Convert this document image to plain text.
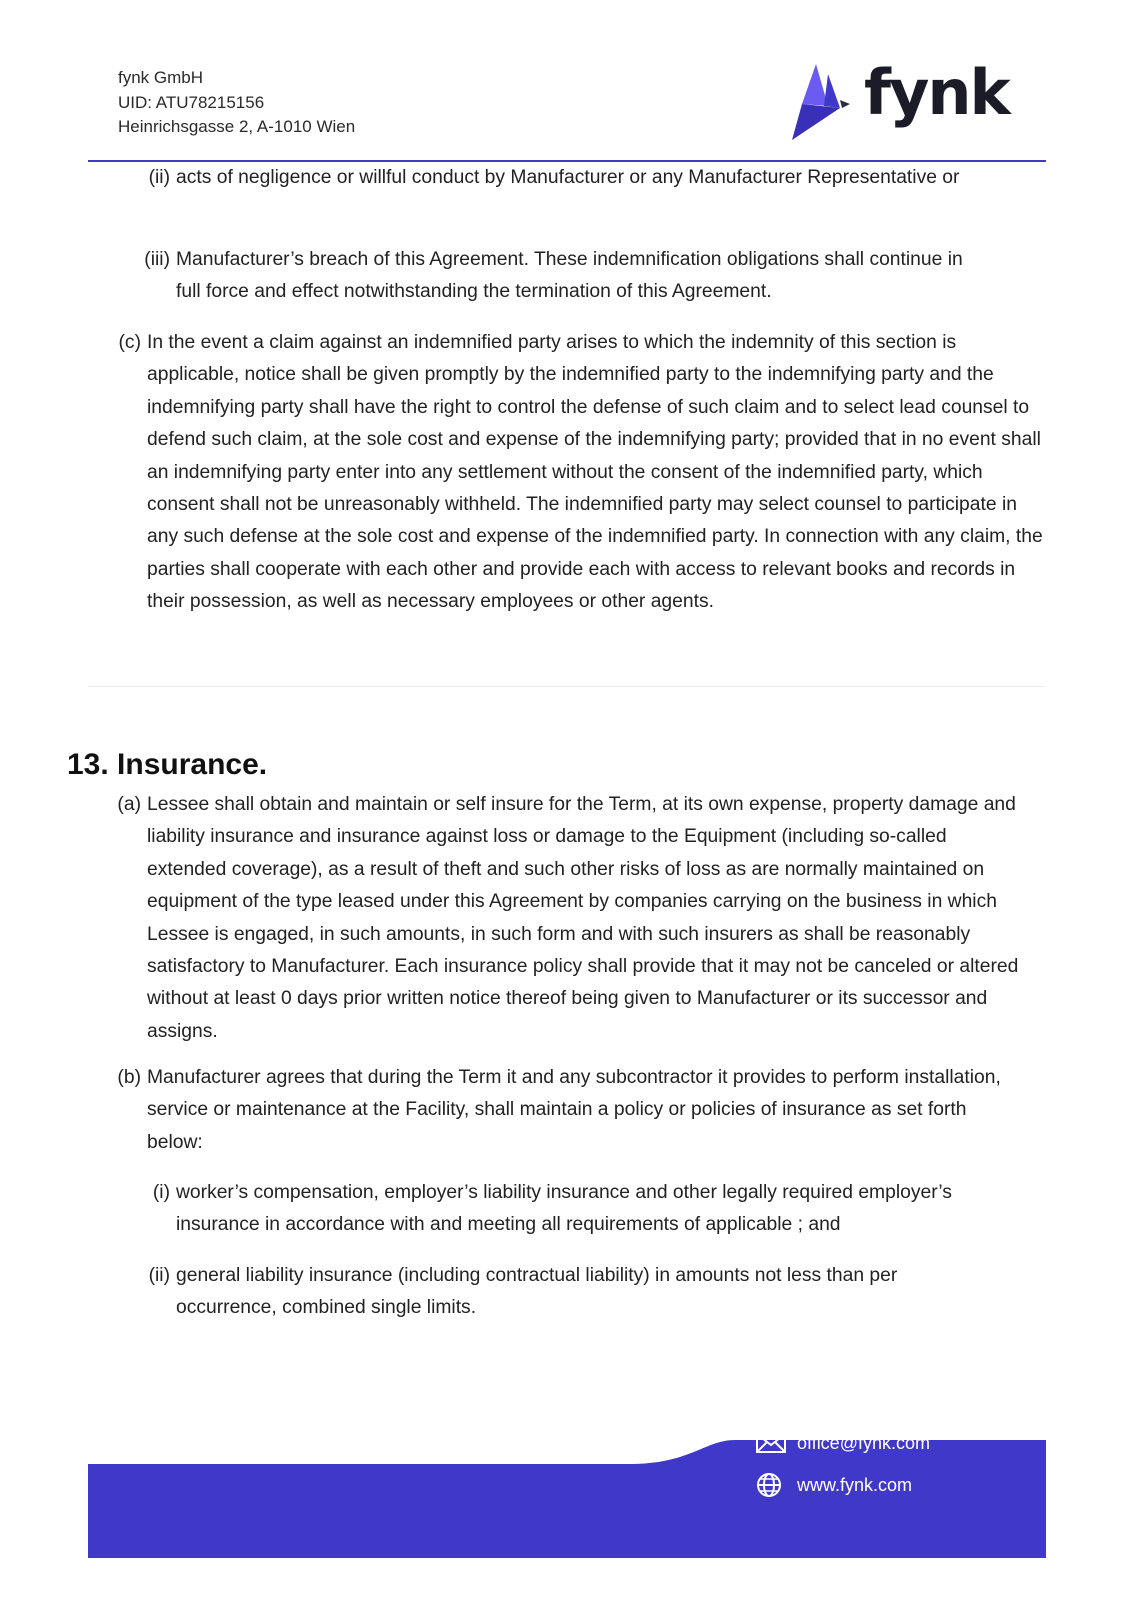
fynk GmbH
UID: ATU78215156
Heinrichsgasse 2, A-1010 Wien	fynk
(ii) acts of negligence or willful conduct by Manufacturer or any Manufacturer Representative or
(iii) Manufacturer’s breach of this Agreement. These indemnification obligations shall continue in full force and effect notwithstanding the termination of this Agreement.
(c) In the event a claim against an indemnified party arises to which the indemnity of this section is applicable, notice shall be given promptly by the indemnified party to the indemnifying party and the indemnifying party shall have the right to control the defense of such claim and to select lead counsel to defend such claim, at the sole cost and expense of the indemnifying party; provided that in no event shall an indemnifying party enter into any settlement without the consent of the indemnified party, which consent shall not be unreasonably withheld. The indemnified party may select counsel to participate in any such defense at the sole cost and expense of the indemnified party. In connection with any claim, the parties shall cooperate with each other and provide each with access to relevant books and records in their possession, as well as necessary employees or other agents.
13. Insurance.
(a) Lessee shall obtain and maintain or self insure for the Term, at its own expense, property damage and liability insurance and insurance against loss or damage to the Equipment (including so-called extended coverage), as a result of theft and such other risks of loss as are normally maintained on equipment of the type leased under this Agreement by companies carrying on the business in which Lessee is engaged, in such amounts, in such form and with such insurers as shall be reasonably satisfactory to Manufacturer. Each insurance policy shall provide that it may not be canceled or altered without at least 0 days prior written notice thereof being given to Manufacturer or its successor and assigns.
(b) Manufacturer agrees that during the Term it and any subcontractor it provides to perform installation, service or maintenance at the Facility, shall maintain a policy or policies of insurance as set forth below:
(i) worker’s compensation, employer’s liability insurance and other legally required employer’s insurance in accordance with and meeting all requirements of applicable ; and
(ii) general liability insurance (including contractual liability) in amounts not less than per occurrence, combined single limits.
office@fynk.com
www.fynk.com
